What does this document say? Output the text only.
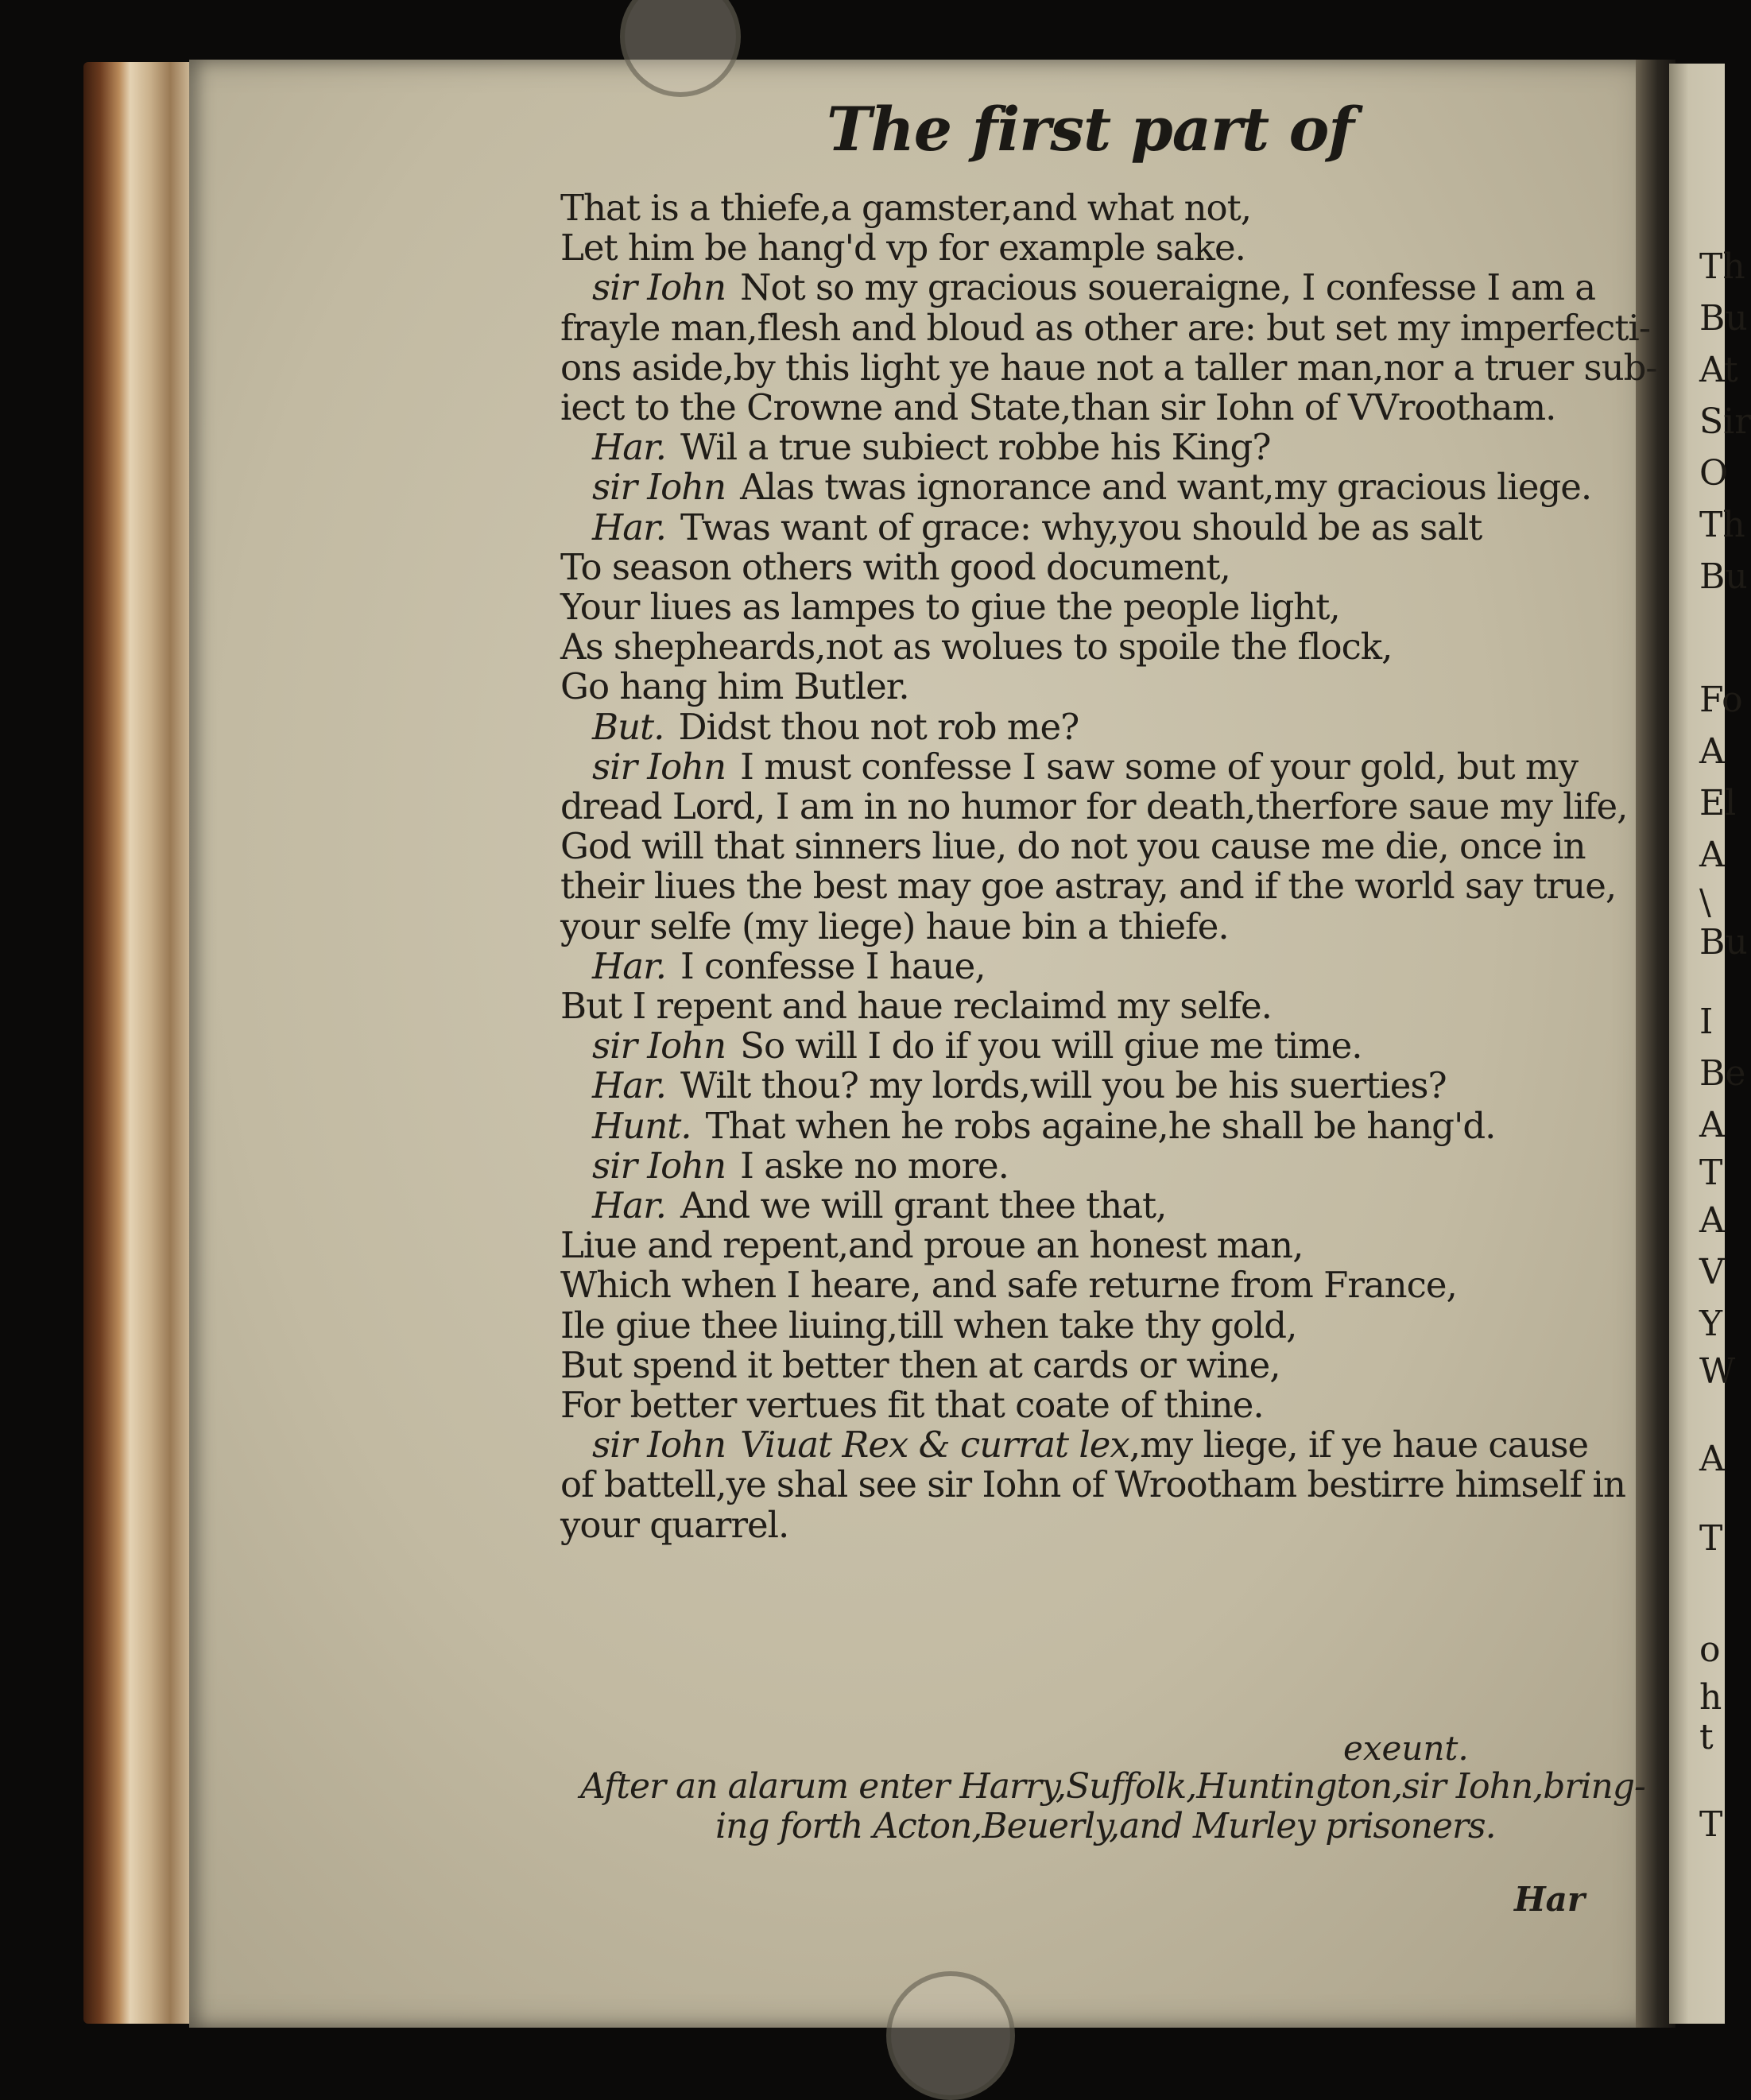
The first part of
That is a thiefe,a gamster,and what not,
Let him be hang'd vp for example sake.
sir Iohn Not so my gracious soueraigne, I confesse I am a
frayle man,flesh and bloud as other are: but set my imperfecti-
ons aside,by this light ye haue not a taller man,nor a truer sub-
iect to the Crowne and State,than sir Iohn of VVrootham.
Har. Wil a true subiect robbe his King?
sir Iohn Alas twas ignorance and want,my gracious liege.
Har. Twas want of grace: why,you should be as salt
To season others with good document,
Your liues as lampes to giue the people light,
As shepheards,not as wolues to spoile the flock,
Go hang him Butler.
But. Didst thou not rob me?
sir Iohn I must confesse I saw some of your gold, but my
dread Lord, I am in no humor for death,therfore saue my life,
God will that sinners liue, do not you cause me die, once in
their liues the best may goe astray, and if the world say true,
your selfe (my liege) haue bin a thiefe.
Har. I confesse I haue,
But I repent and haue reclaimd my selfe.
sir Iohn So will I do if you will giue me time.
Har. Wilt thou? my lords,will you be his suerties?
Hunt. That when he robs againe,he shall be hang'd.
sir Iohn I aske no more.
Har. And we will grant thee that,
Liue and repent,and proue an honest man,
Which when I heare, and safe returne from France,
Ile giue thee liuing,till when take thy gold,
But spend it better then at cards or wine,
For better vertues fit that coate of thine.
sir Iohn Viuat Rex & currat lex,my liege, if ye haue cause
of battell,ye shal see sir Iohn of Wrootham bestirre himself in
your quarrel.
exeunt.
After an alarum enter Harry,Suffolk,Huntington,sir Iohn,bring-
ing forth Acton,Beuerly,and Murley prisoners.
Har
Th
Bu
At
Sir
O
Th
Bu
Fo
A
El
A
\
Bu
I
Be
A
T
A
V
Y
W
A
T
o
h
t
T
